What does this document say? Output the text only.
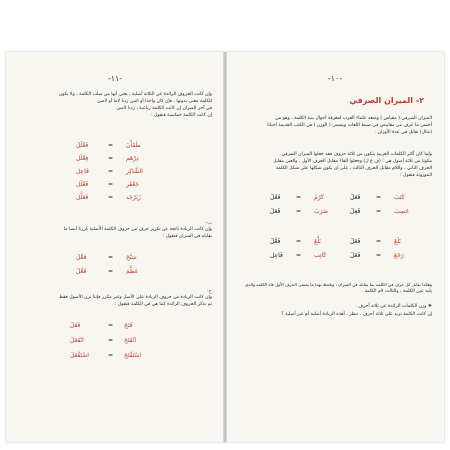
-١١-
وإن كانت الحروف الزائدة عن الثلاثة أصلية ، يعني أنها من صلب الكلمة ، ولا يكون
للكلمة معنى بدونها ، فإن كان واحدا أو اثنين زدنا لاما أو لامين
في آخر الميزان إن كانت الكلمة رباعية ، زدنا لامين
إن كانت الكلمة خماسية فنقول :
طَمْأَنَ
=
فَعْلَلَ
دِرْهَم
=
فِعْلَل
الشَّاكِر
=
فَاعِل
جَعْفَر
=
فَعْلَل
زَبَرْجَد
=
فَعَلَّل
ب-
وإن كانت الزيادة ناتجة عن تكرير حرف من حروف الكلمة الأصلية كررنا أيضا ما
يقابله في الميزان فنقول :
سَبَّحَ
=
فَعَّلَ
عَظَّمَ
=
فَعَّلَ
ج-
وإن كانت الزيادة من حروف الزيادة على الأصل وغير مكرر فإننا نزن الأصول فقط
ثم نذكر الحروف الزائدة كما هي في الكلمة فنقول :
فَتَحَ
=
فَعَلَ
انْفَتَحَ
=
انْفَعَلَ
اسْتَفْتَحَ
=
اسْتَفْعَلَ
-١٠-
٢- الميزان الصرفي
الميزان الصرفي ( مقياس ) وضعه علماء العرب لمعرفة أحوال بنية الكلمة ، وهو من
أحسن ما عرف من مقاييس في ضبط اللغات ويسمى ( الوزن ) في الكتب القديمة أحيانا
(مثال) نقابل في عدة الأوزان .
ولما كان أكثر الكلمات العربية يتكون من ثلاثة حروف فقد جعلوا الميزان الصرفي
مكونا من ثلاثة أصول هي : (ف ع ل) وجعلوا الفاء مقابل الحرف الأول ، والعين مقابل
الحرف الثاني ، واللام مقابل الحرف الثالث ، على أن يكون شكلها على شكل الكلمة
الموزونة فنقول :
كَتَبَ
=
فَعَلَ
كَرُمَ
=
فَعُلَ
حَسِبَ
=
فَعِلَ
ضَرَبَ
=
فَعَلَ
بَلَغَ
=
فَعَلَ
بَلَّغَ
=
فَعَّلَ
رَجَعَ
=
فَعَلَ
كَاتِب
=
فَاعِل
وهكذا نقابل كل حرف في الكلمة بما يقابله في الميزان ، ونلحظ بهذا ما يسمى الحرف الأول فاء الكلمة والذي
يليه عين الكلمة ، والثالث لام الكلمة .
❖ وزن الكلمات الزائدة عن ثلاثة أحرف .
إن كانت الكلمة تزيد على ثلاثة أحرف ، ننظر ، أهذه الزيادة أصلية أم غير أصلية ؟
